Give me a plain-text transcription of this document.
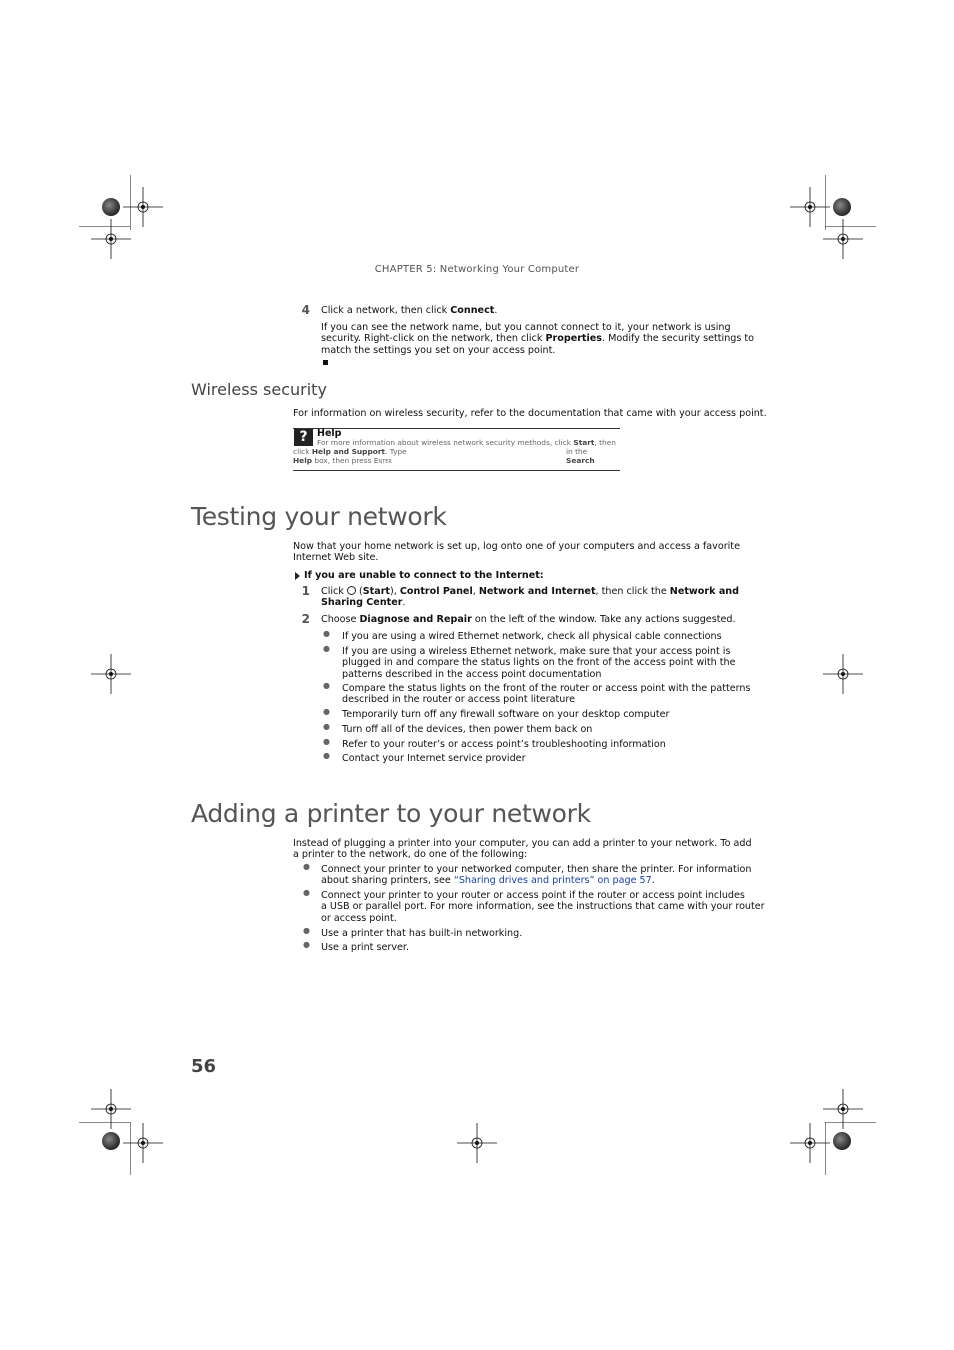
CHAPTER 5: Networking Your Computer
4 Click a network, then click Connect.
If you can see the network name, but you cannot connect to it, your network is using
security. Right-click on the network, then click Properties. Modify the security settings to
match the settings you set on your access point.
Wireless security
For information on wireless security, refer to the documentation that came with your access point.
? Help
For more information about wireless network security methods, click Start, then
click Help and Support. Type	in the Search
Help box, then press Enter
Testing your network
Now that your home network is set up, log onto one of your computers and access a favorite
Internet Web site.
If you are unable to connect to the Internet:
1 Click  (Start), Control Panel, Network and Internet, then click the Network and
Sharing Center.
2 Choose Diagnose and Repair on the left of the window. Take any actions suggested.
● If you are using a wired Ethernet network, check all physical cable connections
● If you are using a wireless Ethernet network, make sure that your access point is
plugged in and compare the status lights on the front of the access point with the
patterns described in the access point documentation
● Compare the status lights on the front of the router or access point with the patterns
described in the router or access point literature
● Temporarily turn off any firewall software on your desktop computer
● Turn off all of the devices, then power them back on
● Refer to your router’s or access point’s troubleshooting information
● Contact your Internet service provider
Adding a printer to your network
Instead of plugging a printer into your computer, you can add a printer to your network. To add
a printer to the network, do one of the following:
● Connect your printer to your networked computer, then share the printer. For information
about sharing printers, see “Sharing drives and printers” on page 57.
● Connect your printer to your router or access point if the router or access point includes
a USB or parallel port. For more information, see the instructions that came with your router
or access point.
● Use a printer that has built-in networking.
● Use a print server.
56
